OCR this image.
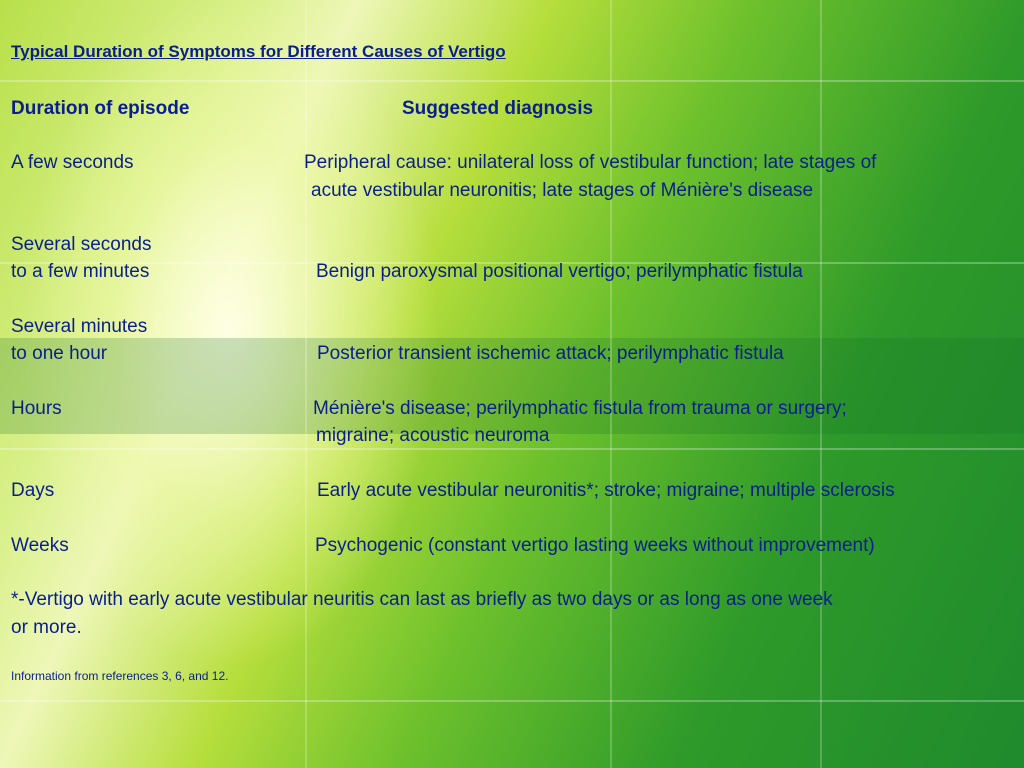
Typical Duration of Symptoms for Different Causes of Vertigo
Duration of episode	Suggested diagnosis
A few seconds	Peripheral cause: unilateral loss of vestibular function; late stages of
acute vestibular neuronitis; late stages of Ménière's disease
Several seconds
to a few minutes	Benign paroxysmal positional vertigo; perilymphatic fistula
Several minutes
to one hour	Posterior transient ischemic attack; perilymphatic fistula
Hours	Ménière's disease; perilymphatic fistula from trauma or surgery;
migraine; acoustic neuroma
Days	Early acute vestibular neuronitis*; stroke; migraine; multiple sclerosis
Weeks	Psychogenic (constant vertigo lasting weeks without improvement)
*-Vertigo with early acute vestibular neuritis can last as briefly as two days or as long as one week
or more.
Information from references 3, 6, and 12.
